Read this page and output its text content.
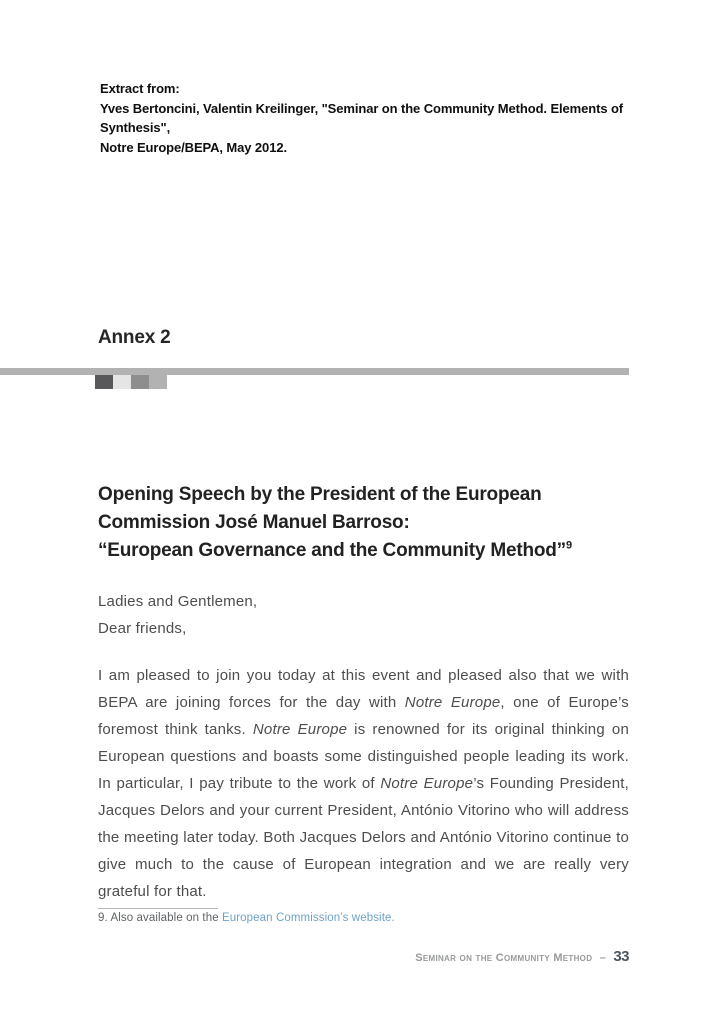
Extract from:
Yves Bertoncini, Valentin Kreilinger, "Seminar on the Community Method. Elements of Synthesis",
Notre Europe/BEPA, May 2012.
Annex 2
Opening Speech by the President of the European
Commission José Manuel Barroso:
“European Governance and the Community Method”$^9$
Ladies and Gentlemen,
Dear friends,

I am pleased to join you today at this event and pleased also that we with BEPA are joining forces for the day with Notre Europe, one of Europe’s foremost think tanks. Notre Europe is renowned for its original thinking on European questions and boasts some distinguished people leading its work. In particular, I pay tribute to the work of Notre Europe’s Founding President, Jacques Delors and your current President, António Vitorino who will address the meeting later today. Both Jacques Delors and António Vitorino continue to give much to the cause of European integration and we are really very grateful for that.

9. Also available on the European Commission’s website.
Seminar on the Community Method – 33
